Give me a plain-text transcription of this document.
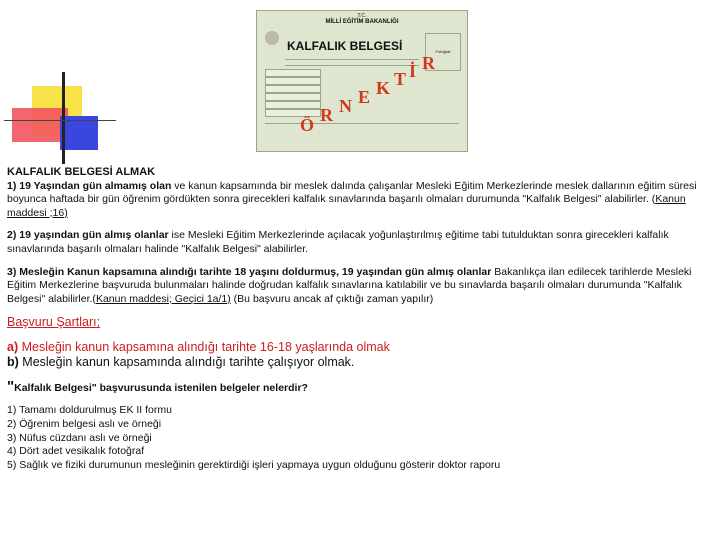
T.C.
MİLLİ EĞİTİM BAKANLIĞI
KALFALIK BELGESİ	Fotoğraf
Ö R N E K T İ R

KALFALIK BELGESİ ALMAK

1) 19 Yaşından gün almamış olan ve kanun kapsamında bir meslek dalında çalışanlar Mesleki Eğitim Merkezlerinde meslek dallarının eğitim süresi boyunca haftada bir gün öğrenim gördükten sonra girecekleri kalfalık sınavlarında başarılı olmaları durumunda "Kalfalık Belgesi" alabilirler. (Kanun maddesi ;16)

2) 19 yaşından gün almış olanlar ise Mesleki Eğitim Merkezlerinde açılacak yoğunlaştırılmış eğitime tabi tutulduktan sonra girecekleri kalfalık sınavlarında başarılı olmaları halinde "Kalfalık Belgesi" alabilirler.

3) Mesleğin Kanun kapsamına alındığı tarihte 18 yaşını doldurmuş, 19 yaşından gün almış olanlar Bakanlıkça ilan edilecek tarihlerde Mesleki Eğitim Merkezlerine başvuruda bulunmaları halinde doğrudan kalfalık sınavlarına katılabilir ve bu sınavlarda başarılı olmaları durumunda "Kalfalık Belgesi" alabilirler.(Kanun maddesi; Geçici 1a/1) (Bu başvuru ancak af çıktığı zaman yapılır)

Başvuru Şartları;

a) Mesleğin kanun kapsamına alındığı tarihte 16-18 yaşlarında olmak

b) Mesleğin kanun kapsamında alındığı tarihte çalışıyor olmak.

"Kalfalık Belgesi" başvurusunda istenilen belgeler nelerdir?

1) Tamamı doldurulmuş EK II formu

2) Öğrenim belgesi aslı ve örneği

3) Nüfus cüzdanı aslı ve örneği

4) Dört adet vesikalık fotoğraf

5) Sağlık ve fiziki durumunun mesleğinin gerektirdiği işleri yapmaya uygun olduğunu gösterir doktor raporu
